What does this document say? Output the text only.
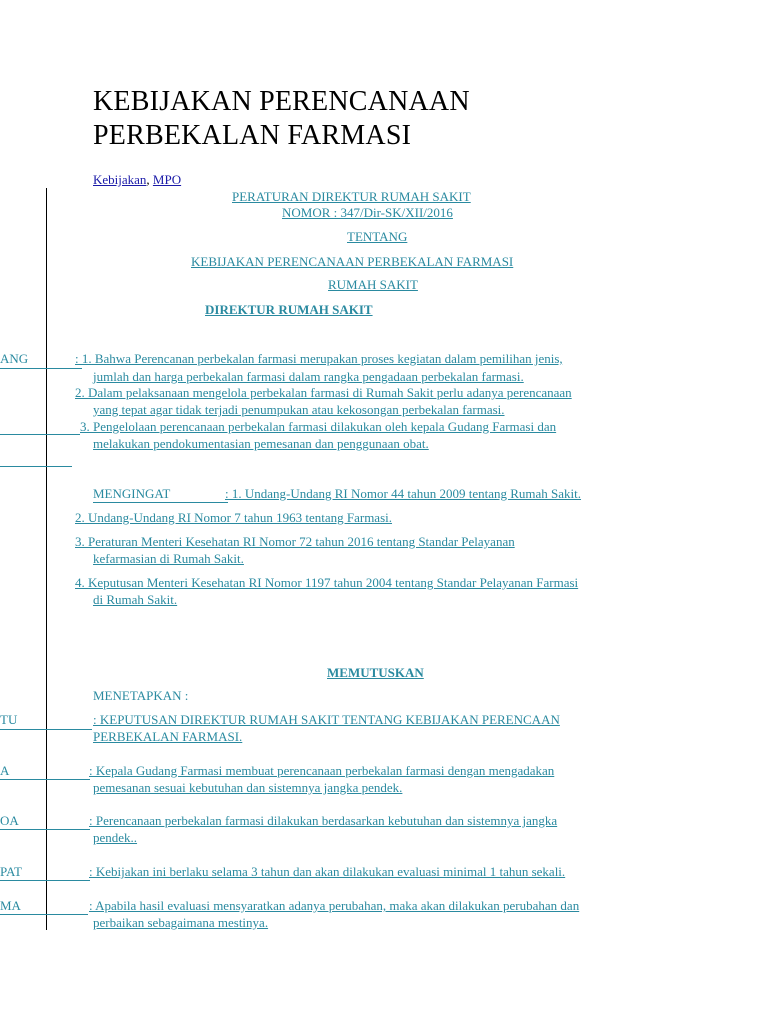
KEBIJAKAN PERENCANAAN
PERBEKALAN FARMASI
Kebijakan, MPO
PERATURAN DIREKTUR RUMAH SAKIT
NOMOR : 347/Dir-SK/XII/2016
TENTANG
KEBIJAKAN PERENCANAAN PERBEKALAN FARMASI
RUMAH SAKIT
DIREKTUR RUMAH SAKIT
ANG	: 1. Bahwa Perencanan perbekalan farmasi merupakan proses kegiatan dalam pemilihan jenis,
jumlah dan harga perbekalan farmasi dalam rangka pengadaan perbekalan farmasi.
2. Dalam pelaksanaan mengelola perbekalan farmasi di Rumah Sakit perlu adanya perencanaan
yang tepat agar tidak terjadi penumpukan atau kekosongan perbekalan farmasi.
3. Pengelolaan perencanaan perbekalan farmasi dilakukan oleh kepala Gudang Farmasi dan
melakukan pendokumentasian pemesanan dan penggunaan obat.
MENGINGAT	: 1. Undang-Undang RI Nomor 44 tahun 2009 tentang Rumah Sakit.
2. Undang-Undang RI Nomor 7 tahun 1963 tentang Farmasi.
3. Peraturan Menteri Kesehatan RI Nomor 72 tahun 2016 tentang Standar Pelayanan
kefarmasian di Rumah Sakit.
4. Keputusan Menteri Kesehatan RI Nomor 1197 tahun 2004 tentang Standar Pelayanan Farmasi
di Rumah Sakit.
MEMUTUSKAN
MENETAPKAN :
TU	: KEPUTUSAN DIREKTUR RUMAH SAKIT TENTANG KEBIJAKAN PERENCAAN
PERBEKALAN FARMASI.
A	: Kepala Gudang Farmasi membuat perencanaan perbekalan farmasi dengan mengadakan
pemesanan sesuai kebutuhan dan sistemnya jangka pendek.
OA	: Perencanaan perbekalan farmasi dilakukan berdasarkan kebutuhan dan sistemnya jangka
pendek..
PAT	: Kebijakan ini berlaku selama 3 tahun dan akan dilakukan evaluasi minimal 1 tahun sekali.
MA	: Apabila hasil evaluasi mensyaratkan adanya perubahan, maka akan dilakukan perubahan dan
perbaikan sebagaimana mestinya.
